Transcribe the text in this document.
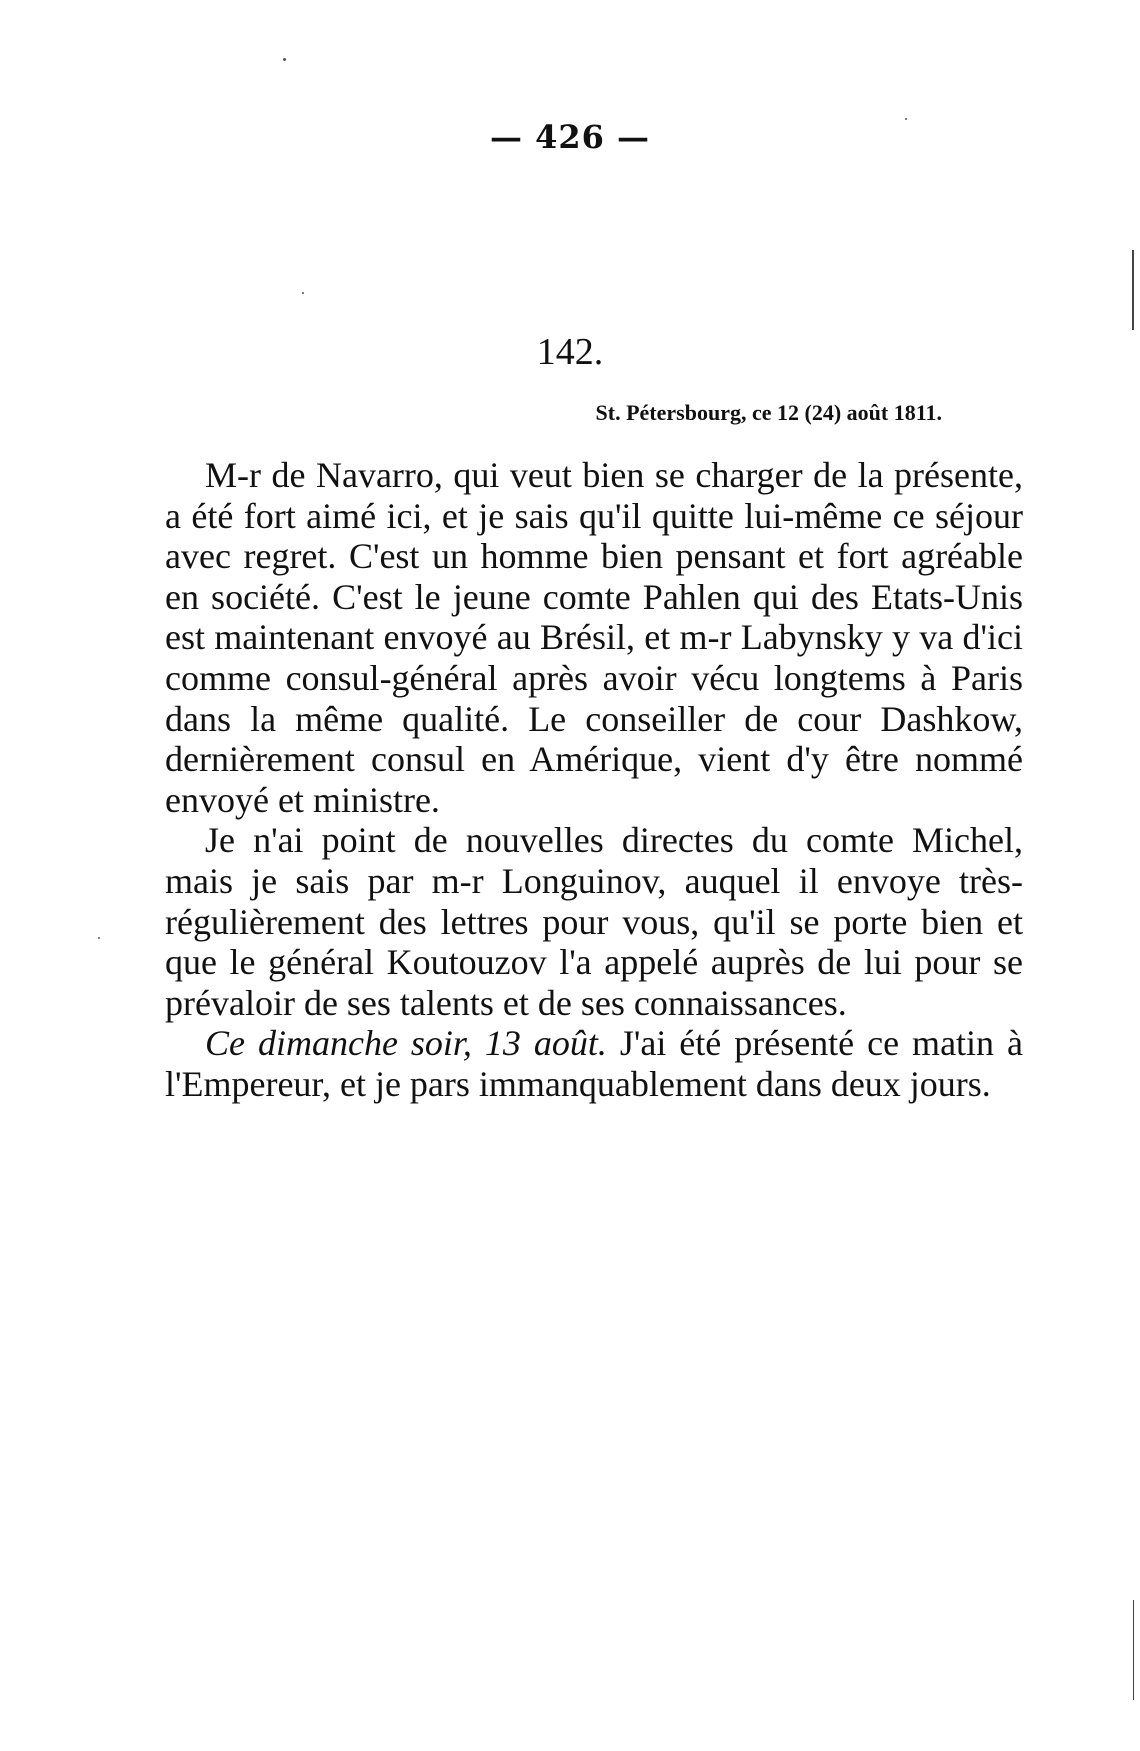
— 426 —
142.
St. Pétersbourg, ce 12 (24) août 1811.

M-r de Navarro, qui veut bien se charger de la présente, a été fort aimé ici, et je sais qu'il quitte lui-même ce séjour avec regret. C'est un homme bien pensant et fort agréable en société. C'est le jeune comte Pahlen qui des Etats-Unis est maintenant envoyé au Brésil, et m-r Labynsky y va d'ici comme consul-général après avoir vécu longtems à Paris dans la même qualité. Le conseiller de cour Dashkow, dernièrement consul en Amérique, vient d'y être nommé envoyé et ministre.

Je n'ai point de nouvelles directes du comte Michel, mais je sais par m-r Longuinov, auquel il envoye très-régulièrement des lettres pour vous, qu'il se porte bien et que le général Koutouzov l'a appelé auprès de lui pour se prévaloir de ses talents et de ses connaissances.

Ce dimanche soir, 13 août. J'ai été présenté ce matin à l'Empereur, et je pars immanquablement dans deux jours.
